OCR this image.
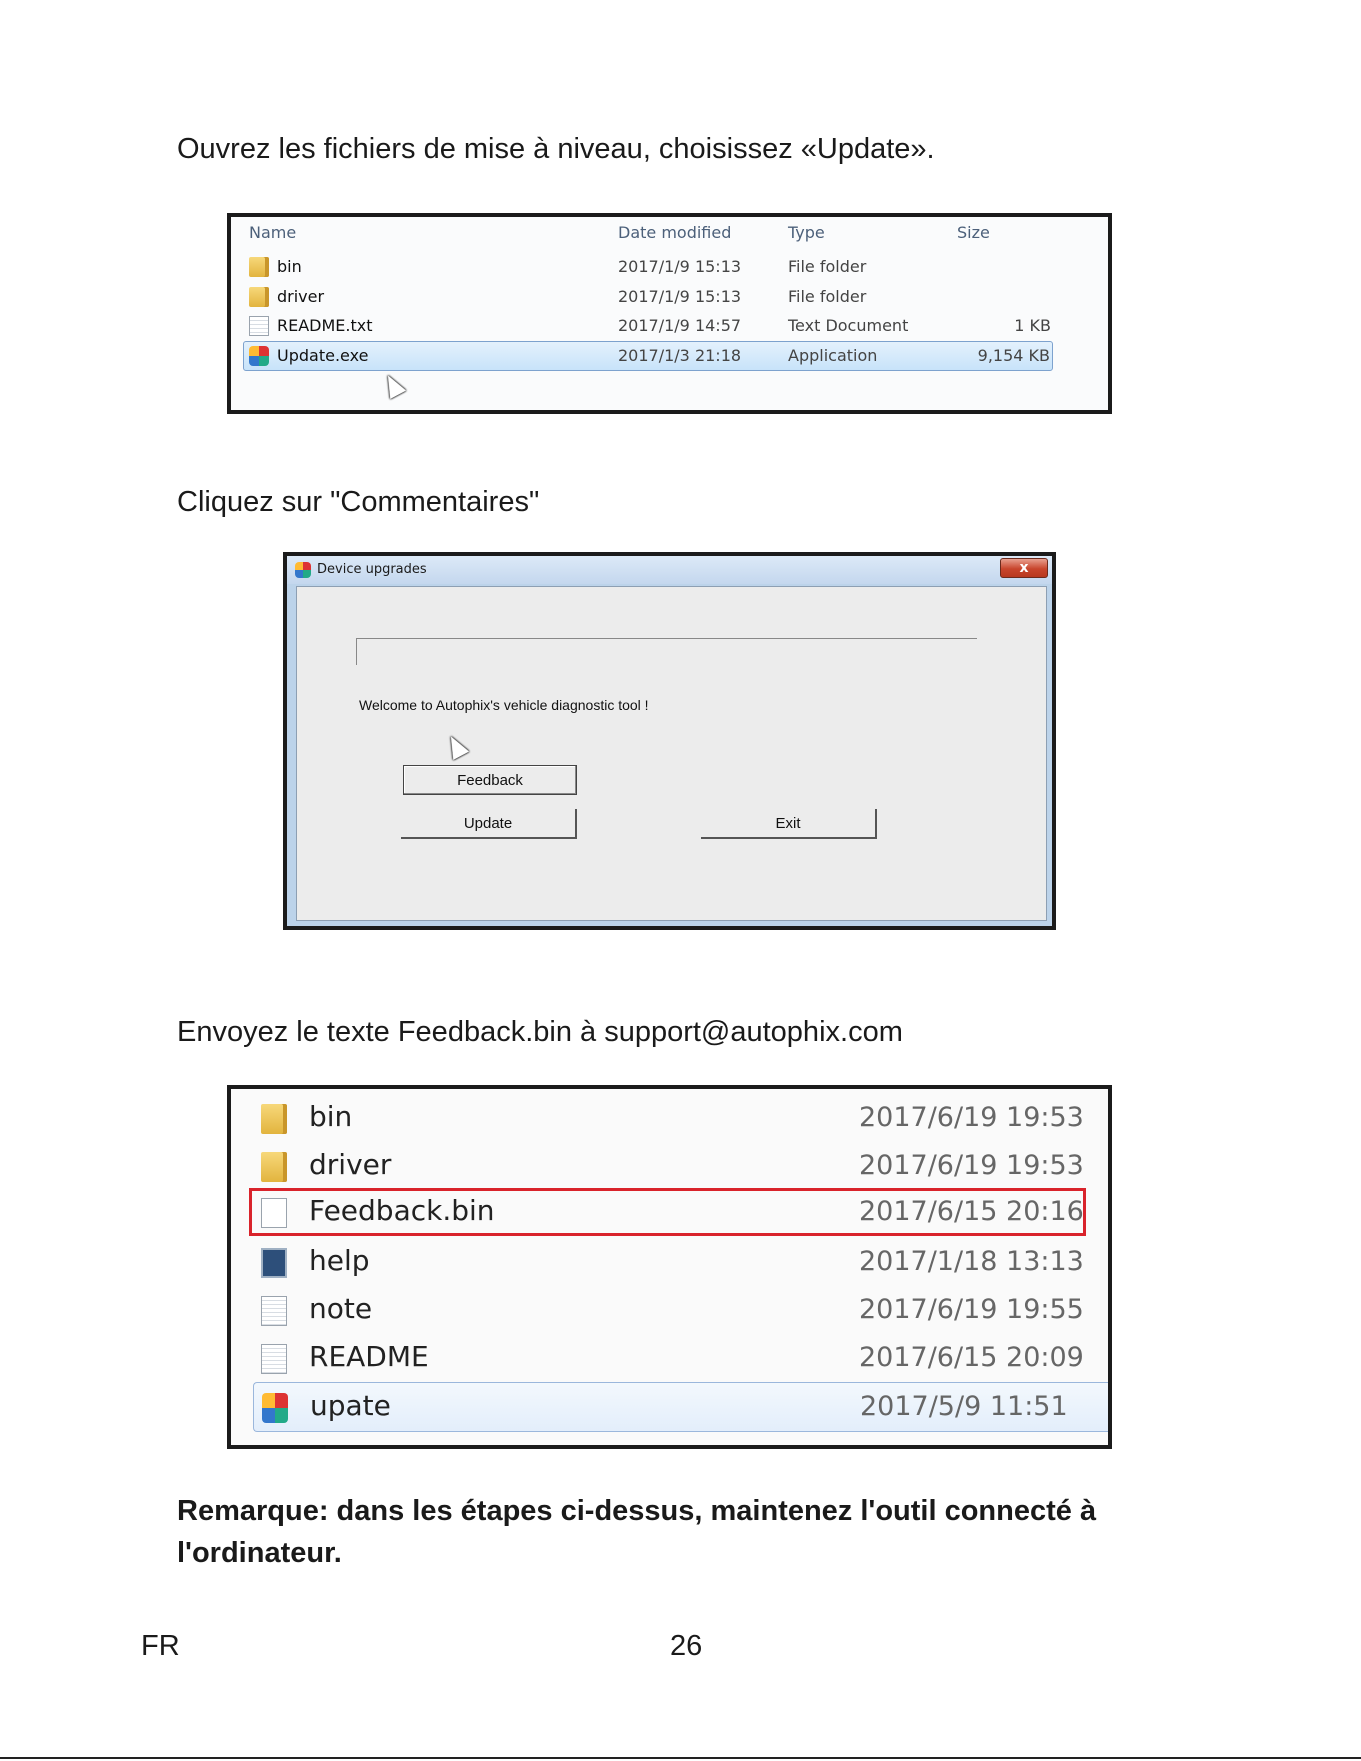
Ouvrez les fichiers de mise à niveau, choisissez «Update».

Name	Date modified	Type	Size
bin	2017/1/9 15:13	File folder
driver	2017/1/9 15:13	File folder
README.txt	2017/1/9 14:57	Text Document	1 KB
Update.exe	2017/1/3 21:18	Application	9,154 KB

Cliquez sur "Commentaires"

Device upgrades	x
Welcome to Autophix's vehicle diagnostic tool !
Feedback
Update	Exit

Envoyez le texte Feedback.bin à support@autophix.com

bin	2017/6/19 19:53
driver	2017/6/19 19:53
Feedback.bin	2017/6/15 20:16
help	2017/1/18 13:13
note	2017/6/19 19:55
README	2017/6/15 20:09
upate	2017/5/9 11:51

Remarque: dans les étapes ci-dessus, maintenez l'outil connecté à l'ordinateur.

FR	26
